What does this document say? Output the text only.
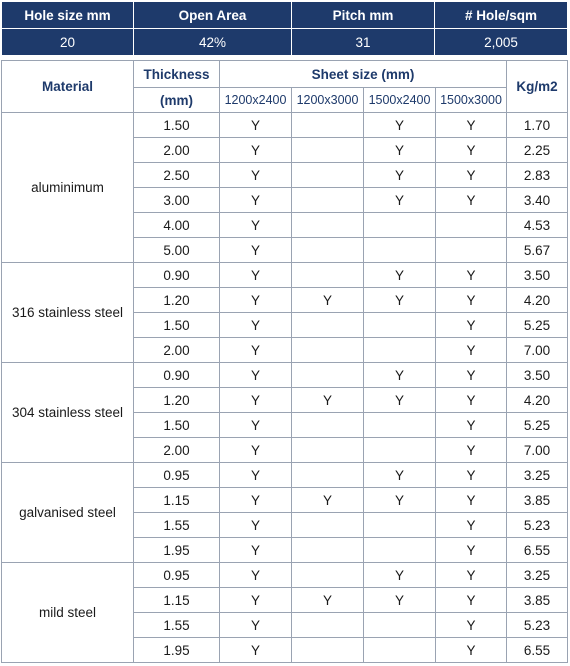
Hole size mm	Open Area	Pitch mm	# Hole/sqm
20	42%	31	2,005
Material	Thickness	Sheet size (mm)				Kg/m2
	(mm)	1200x2400	1200x3000	1500x2400	1500x3000	
aluminimum	1.50	Y		Y	Y	1.70
	2.00	Y		Y	Y	2.25
	2.50	Y		Y	Y	2.83
	3.00	Y		Y	Y	3.40
	4.00	Y				4.53
	5.00	Y				5.67
316 stainless steel	0.90	Y		Y	Y	3.50
	1.20	Y	Y	Y	Y	4.20
	1.50	Y			Y	5.25
	2.00	Y			Y	7.00
304 stainless steel	0.90	Y		Y	Y	3.50
	1.20	Y	Y	Y	Y	4.20
	1.50	Y			Y	5.25
	2.00	Y			Y	7.00
galvanised steel	0.95	Y		Y	Y	3.25
	1.15	Y	Y	Y	Y	3.85
	1.55	Y			Y	5.23
	1.95	Y			Y	6.55
mild steel	0.95	Y		Y	Y	3.25
	1.15	Y	Y	Y	Y	3.85
	1.55	Y			Y	5.23
	1.95	Y			Y	6.55
